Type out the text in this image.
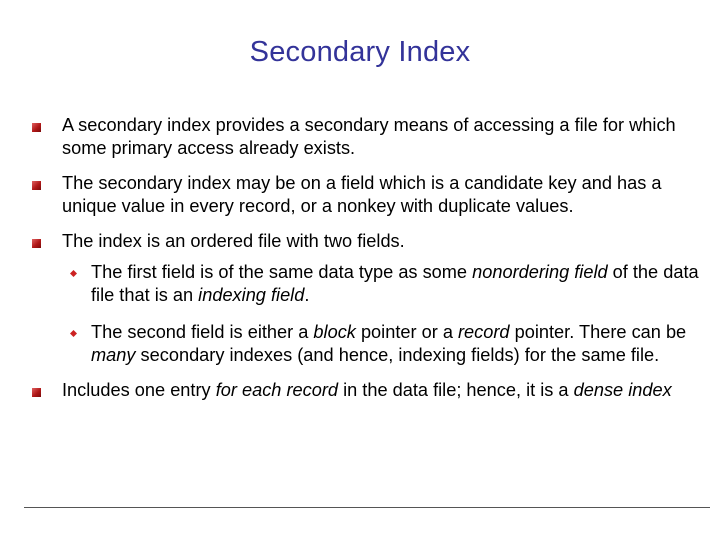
Secondary Index
A secondary index provides a secondary means of accessing a file for which some primary access already exists.
The secondary index may be on a field which is a candidate key and has a unique value in every record, or a nonkey with duplicate values.
The index is an ordered file with two fields.
The first field is of the same data type as some nonordering field of the data file that is an indexing field.
The second field is either a block pointer or a record pointer. There can be many secondary indexes (and hence, indexing fields) for the same file.
Includes one entry for each record in the data file; hence, it is a dense index
